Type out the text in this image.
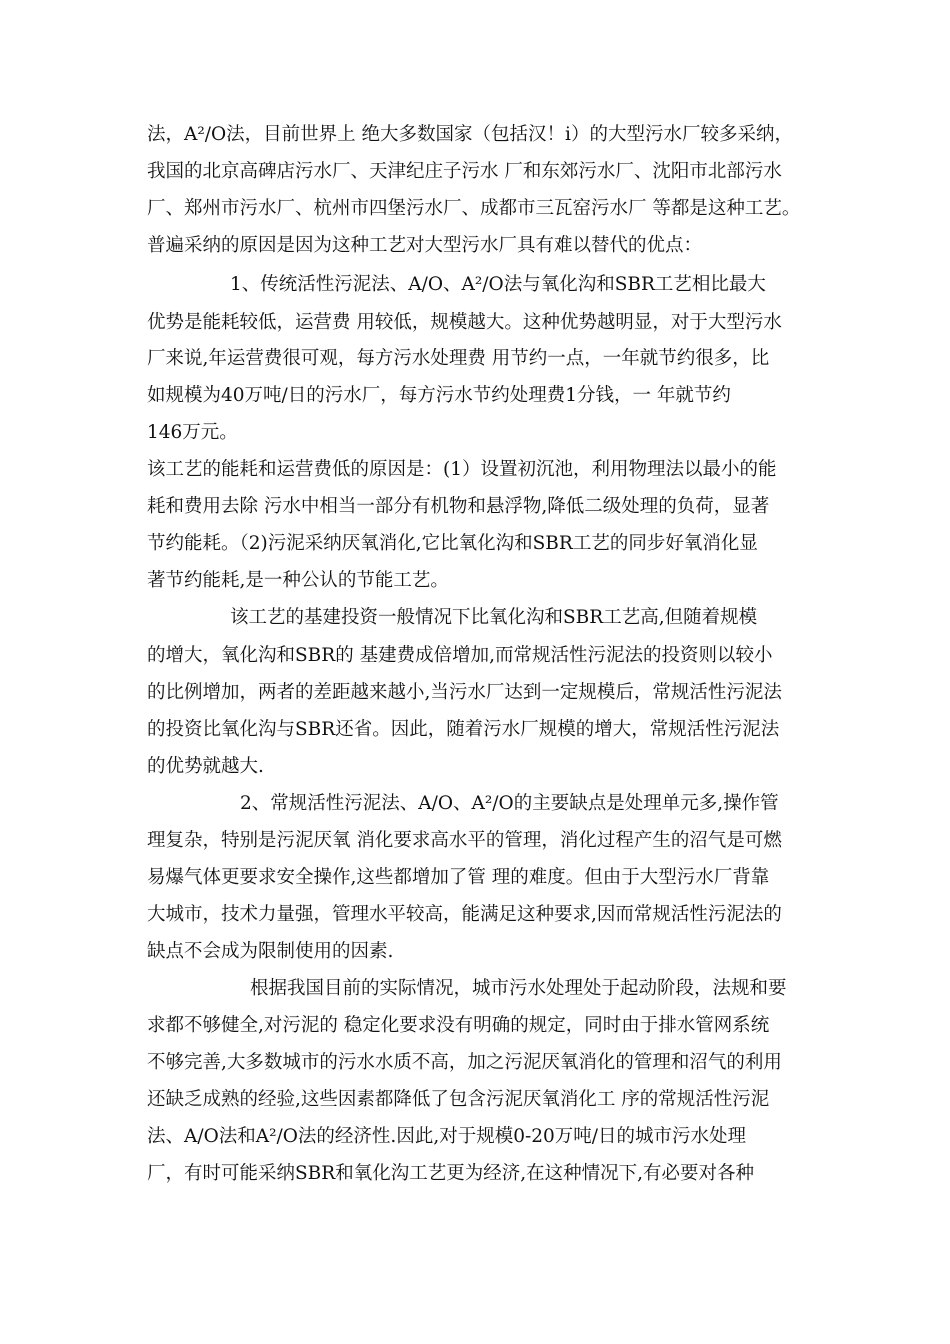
法，A²/O法，目前世界上 绝大多数国家（包括汉！i）的大型污水厂较多采纳，
我国的北京高碑店污水厂、天津纪庄子污水 厂和东郊污水厂、沈阳市北部污水
厂、郑州市污水厂、杭州市四堡污水厂、成都市三瓦窑污水厂 等都是这种工艺。
普遍采纳的原因是因为这种工艺对大型污水厂具有难以替代的优点：
1、传统活性污泥法、A/O、A²/O法与氧化沟和SBR工艺相比最大
优势是能耗较低，运营费 用较低，规模越大。这种优势越明显，对于大型污水
厂来说,年运营费很可观，每方污水处理费 用节约一点，一年就节约很多，比
如规模为40万吨/日的污水厂，每方污水节约处理费1分钱，一 年就节约
146万元。
该工艺的能耗和运营费低的原因是：(1）设置初沉池，利用物理法以最小的能
耗和费用去除 污水中相当一部分有机物和悬浮物,降低二级处理的负荷，显著
节约能耗。（2)污泥采纳厌氧消化,它比氧化沟和SBR工艺的同步好氧消化显
著节约能耗,是一种公认的节能工艺。
该工艺的基建投资一般情况下比氧化沟和SBR工艺高,但随着规模
的增大，氧化沟和SBR的 基建费成倍增加,而常规活性污泥法的投资则以较小
的比例增加，两者的差距越来越小,当污水厂达到一定规模后，常规活性污泥法
的投资比氧化沟与SBR还省。因此，随着污水厂规模的增大，常规活性污泥法
的优势就越大.
2、常规活性污泥法、A/O、A²/O的主要缺点是处理单元多,操作管
理复杂，特别是污泥厌氧 消化要求高水平的管理，消化过程产生的沼气是可燃
易爆气体更要求安全操作,这些都增加了管 理的难度。但由于大型污水厂背靠
大城市，技术力量强，管理水平较高，能满足这种要求,因而常规活性污泥法的
缺点不会成为限制使用的因素.
根据我国目前的实际情况，城市污水处理处于起动阶段，法规和要
求都不够健全,对污泥的 稳定化要求没有明确的规定，同时由于排水管网系统
不够完善,大多数城市的污水水质不高，加之污泥厌氧消化的管理和沼气的利用
还缺乏成熟的经验,这些因素都降低了包含污泥厌氧消化工 序的常规活性污泥
法、A/O法和A²/O法的经济性.因此,对于规模0-20万吨/日的城市污水处理
厂，有时可能采纳SBR和氧化沟工艺更为经济,在这种情况下,有必要对各种
